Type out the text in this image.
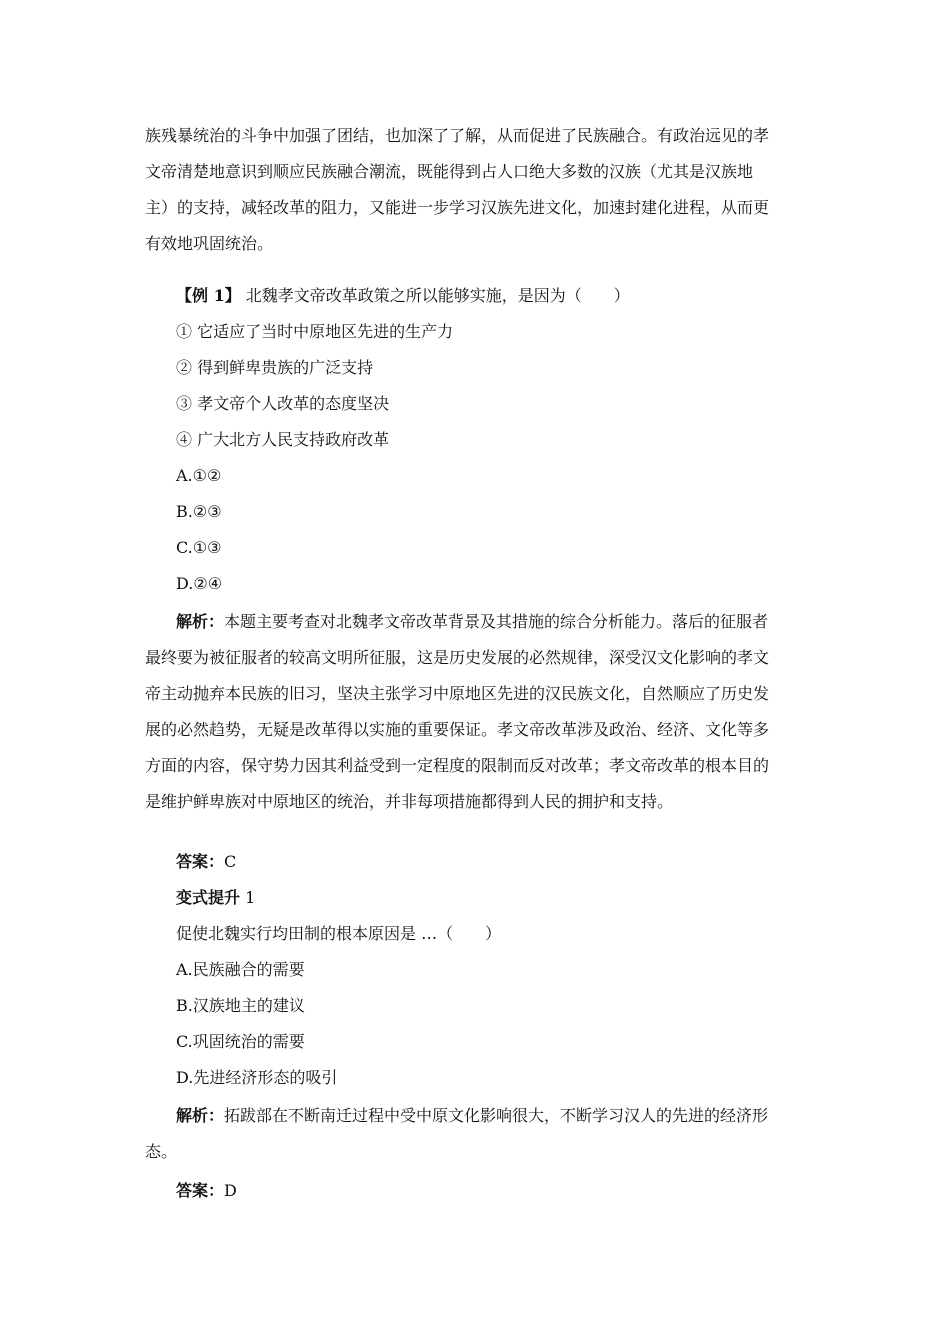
族残暴统治的斗争中加强了团结，也加深了了解，从而促进了民族融合。有政治远见的孝

文帝清楚地意识到顺应民族融合潮流，既能得到占人口绝大多数的汉族（尤其是汉族地

主）的支持，减轻改革的阻力，又能进一步学习汉族先进文化，加速封建化进程，从而更

有效地巩固统治。

【例 1】 北魏孝文帝改革政策之所以能够实施，是因为（　　）
① 它适应了当时中原地区先进的生产力
② 得到鲜卑贵族的广泛支持
③ 孝文帝个人改革的态度坚决
④ 广大北方人民支持政府改革
A.①②
B.②③
C.①③
D.②④

解析：本题主要考查对北魏孝文帝改革背景及其措施的综合分析能力。落后的征服者

最终要为被征服者的较高文明所征服，这是历史发展的必然规律，深受汉文化影响的孝文

帝主动抛弃本民族的旧习，坚决主张学习中原地区先进的汉民族文化，自然顺应了历史发

展的必然趋势，无疑是改革得以实施的重要保证。孝文帝改革涉及政治、经济、文化等多

方面的内容，保守势力因其利益受到一定程度的限制而反对改革；孝文帝改革的根本目的

是维护鲜卑族对中原地区的统治，并非每项措施都得到人民的拥护和支持。

答案：C
变式提升 1
促使北魏实行均田制的根本原因是 …（　　）
A.民族融合的需要
B.汉族地主的建议
C.巩固统治的需要
D.先进经济形态的吸引

解析：拓跋部在不断南迁过程中受中原文化影响很大，不断学习汉人的先进的经济形

态。

答案：D
